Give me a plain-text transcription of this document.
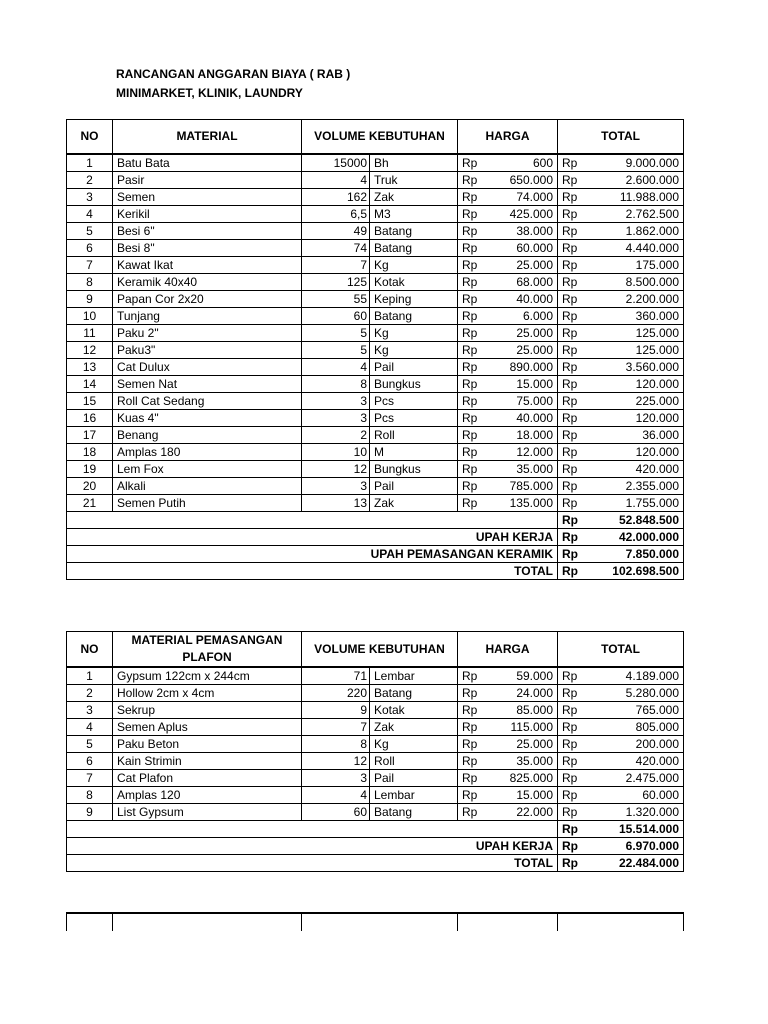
RANCANGAN ANGGARAN BIAYA ( RAB )
MINIMARKET, KLINIK, LAUNDRY
NO	MATERIAL	VOLUME KEBUTUHAN		HARGA		TOTAL	
1	Batu Bata	15000	Bh	Rp	600	Rp	9.000.000
2	Pasir	4	Truk	Rp	650.000	Rp	2.600.000
3	Semen	162	Zak	Rp	74.000	Rp	11.988.000
4	Kerikil	6,5	M3	Rp	425.000	Rp	2.762.500
5	Besi 6"	49	Batang	Rp	38.000	Rp	1.862.000
6	Besi 8"	74	Batang	Rp	60.000	Rp	4.440.000
7	Kawat Ikat	7	Kg	Rp	25.000	Rp	175.000
8	Keramik 40x40	125	Kotak	Rp	68.000	Rp	8.500.000
9	Papan Cor 2x20	55	Keping	Rp	40.000	Rp	2.200.000
10	Tunjang	60	Batang	Rp	6.000	Rp	360.000
11	Paku 2"	5	Kg	Rp	25.000	Rp	125.000
12	Paku3"	5	Kg	Rp	25.000	Rp	125.000
13	Cat Dulux	4	Pail	Rp	890.000	Rp	3.560.000
14	Semen Nat	8	Bungkus	Rp	15.000	Rp	120.000
15	Roll Cat Sedang	3	Pcs	Rp	75.000	Rp	225.000
16	Kuas 4"	3	Pcs	Rp	40.000	Rp	120.000
17	Benang	2	Roll	Rp	18.000	Rp	36.000
18	Amplas 180	10	M	Rp	12.000	Rp	120.000
19	Lem Fox	12	Bungkus	Rp	35.000	Rp	420.000
20	Alkali	3	Pail	Rp	785.000	Rp	2.355.000
21	Semen Putih	13	Zak	Rp	135.000	Rp	1.755.000
						Rp	52.848.500
UPAH KERJA						Rp	42.000.000
UPAH PEMASANGAN KERAMIK						Rp	7.850.000
TOTAL						Rp	102.698.500
NO	MATERIAL PEMASANGAN PLAFON	VOLUME KEBUTUHAN		HARGA		TOTAL	
1	Gypsum 122cm x 244cm	71	Lembar	Rp	59.000	Rp	4.189.000
2	Hollow 2cm x 4cm	220	Batang	Rp	24.000	Rp	5.280.000
3	Sekrup	9	Kotak	Rp	85.000	Rp	765.000
4	Semen Aplus	7	Zak	Rp	115.000	Rp	805.000
5	Paku Beton	8	Kg	Rp	25.000	Rp	200.000
6	Kain Strimin	12	Roll	Rp	35.000	Rp	420.000
7	Cat Plafon	3	Pail	Rp	825.000	Rp	2.475.000
8	Amplas 120	4	Lembar	Rp	15.000	Rp	60.000
9	List Gypsum	60	Batang	Rp	22.000	Rp	1.320.000
						Rp	15.514.000
UPAH KERJA						Rp	6.970.000
TOTAL						Rp	22.484.000
